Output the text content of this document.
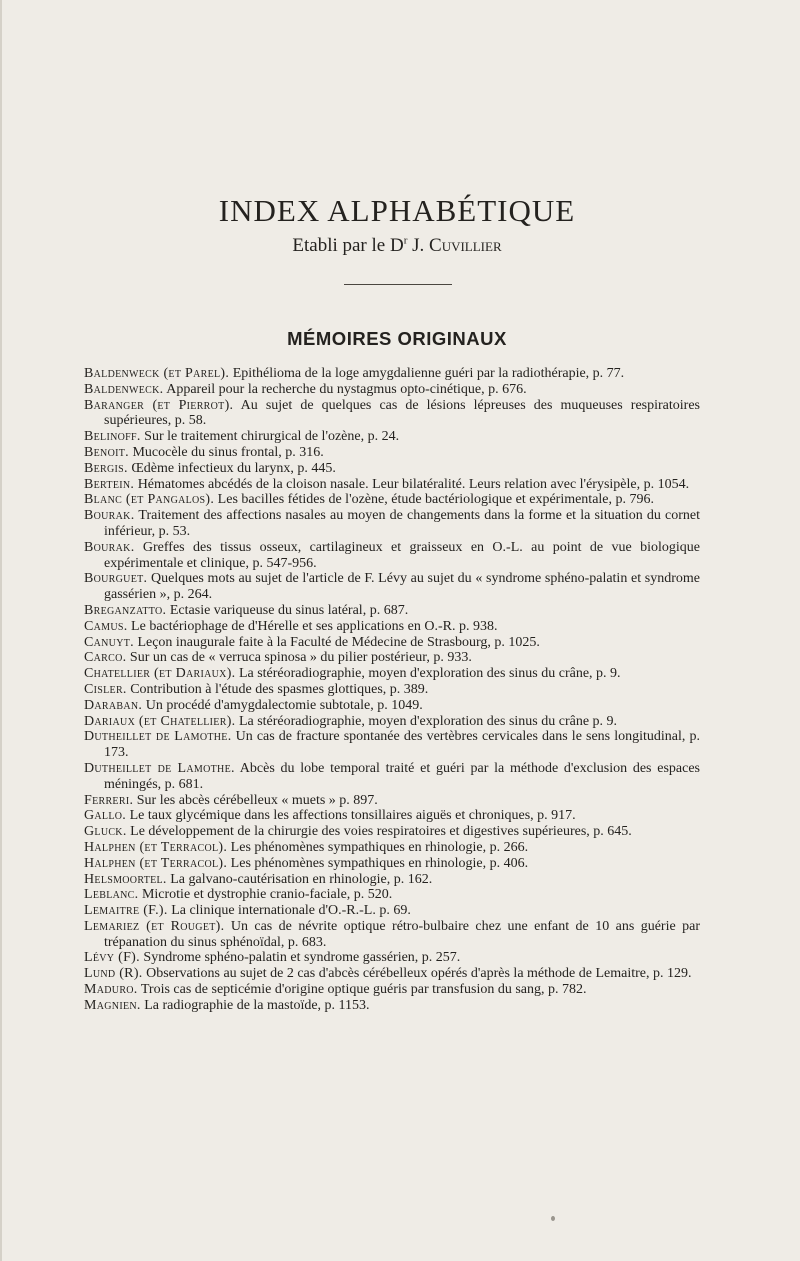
INDEX ALPHABÉTIQUE
Etabli par le $D^r$ J. Cuvillier
MÉMOIRES ORIGINAUX
Baldenweck (et Parel). Epithélioma de la loge amygdalienne guéri par la radiothérapie, p. 77.
Baldenweck. Appareil pour la recherche du nystagmus opto-cinétique, p. 676.
Baranger (et Pierrot). Au sujet de quelques cas de lésions lépreuses des muqueuses respiratoires supérieures, p. 58.
Belinoff. Sur le traitement chirurgical de l'ozène, p. 24.
Benoit. Mucocèle du sinus frontal, p. 316.
Bergis. Œdème infectieux du larynx, p. 445.
Bertein. Hématomes abcédés de la cloison nasale. Leur bilatéralité. Leurs relation avec l'érysipèle, p. 1054.
Blanc (et Pangalos). Les bacilles fétides de l'ozène, étude bactériologique et expérimentale, p. 796.
Bourak. Traitement des affections nasales au moyen de changements dans la forme et la situation du cornet inférieur, p. 53.
Bourak. Greffes des tissus osseux, cartilagineux et graisseux en O.-L. au point de vue biologique expérimentale et clinique, p. 547-956.
Bourguet. Quelques mots au sujet de l'article de F. Lévy au sujet du « syndrome sphéno-palatin et syndrome gassérien », p. 264.
Breganzatto. Ectasie variqueuse du sinus latéral, p. 687.
Camus. Le bactériophage de d'Hérelle et ses applications en O.-R. p. 938.
Canuyt. Leçon inaugurale faite à la Faculté de Médecine de Strasbourg, p. 1025.
Carco. Sur un cas de « verruca spinosa » du pilier postérieur, p. 933.
Chatellier (et Dariaux). La stéréoradiographie, moyen d'exploration des sinus du crâne, p. 9.
Cisler. Contribution à l'étude des spasmes glottiques, p. 389.
Daraban. Un procédé d'amygdalectomie subtotale, p. 1049.
Dariaux (et Chatellier). La stéréoradiographie, moyen d'exploration des sinus du crâne p. 9.
Dutheillet de Lamothe. Un cas de fracture spontanée des vertèbres cervicales dans le sens longitudinal, p. 173.
Dutheillet de Lamothe. Abcès du lobe temporal traité et guéri par la méthode d'exclusion des espaces méningés, p. 681.
Ferreri. Sur les abcès cérébelleux « muets » p. 897.
Gallo. Le taux glycémique dans les affections tonsillaires aiguës et chroniques, p. 917.
Gluck. Le développement de la chirurgie des voies respiratoires et digestives supérieures, p. 645.
Halphen (et Terracol). Les phénomènes sympathiques en rhinologie, p. 266.
Halphen (et Terracol). Les phénomènes sympathiques en rhinologie, p. 406.
Helsmoortel. La galvano-cautérisation en rhinologie, p. 162.
Leblanc. Microtie et dystrophie cranio-faciale, p. 520.
Lemaitre (F.). La clinique internationale d'O.-R.-L. p. 69.
Lemariez (et Rouget). Un cas de névrite optique rétro-bulbaire chez une enfant de 10 ans guérie par trépanation du sinus sphénoïdal, p. 683.
Lévy (F). Syndrome sphéno-palatin et syndrome gassérien, p. 257.
Lund (R). Observations au sujet de 2 cas d'abcès cérébelleux opérés d'après la méthode de Lemaitre, p. 129.
Maduro. Trois cas de septicémie d'origine optique guéris par transfusion du sang, p. 782.
Magnien. La radiographie de la mastoïde, p. 1153.
